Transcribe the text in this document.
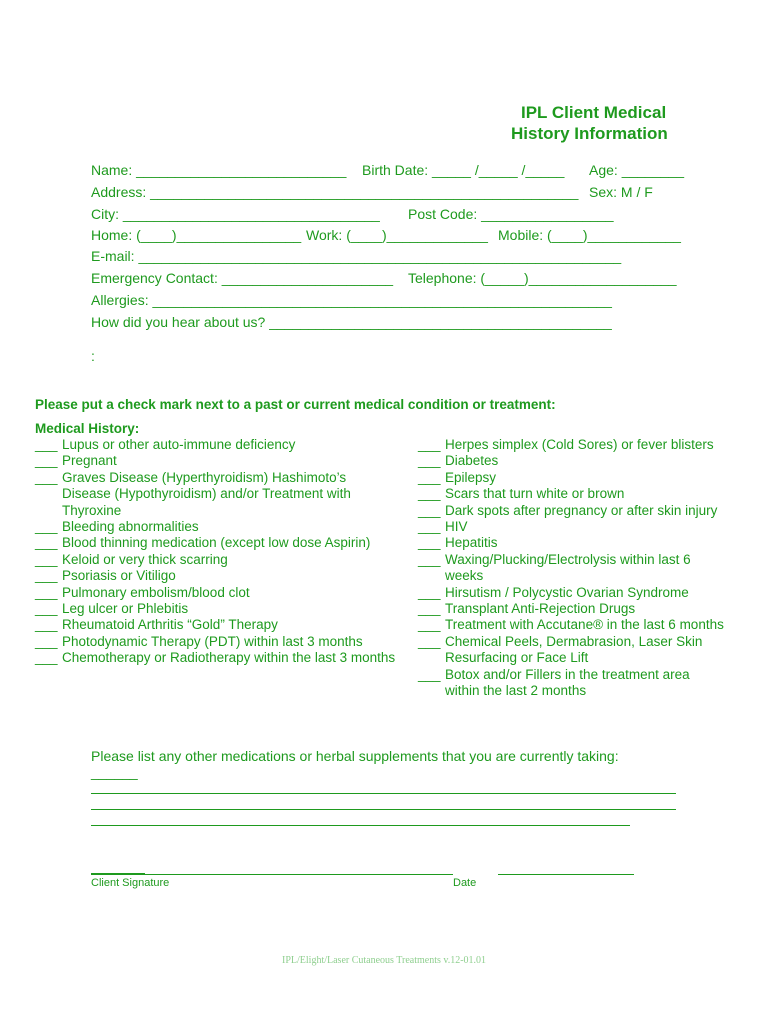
IPL Client Medical
History Information
Name: ___________________________ Birth Date: _____ /_____ /_____ Age: ________
Address: _______________________________________________________ Sex: M / F
City: _________________________________ Post Code: _________________
Home: (____)________________ Work: (____)_____________ Mobile: (____)____________
E-mail: ______________________________________________________________
Emergency Contact: ______________________ Telephone: (_____)___________________
Allergies: ___________________________________________________________
How did you hear about us? ____________________________________________
:
Please put a check mark next to a past or current medical condition or treatment:
Medical History:
___ Lupus or other auto-immune deficiency
___ Pregnant
___ Graves Disease (Hyperthyroidism) Hashimoto’s
Disease (Hypothyroidism) and/or Treatment with
Thyroxine
___ Bleeding abnormalities
___ Blood thinning medication (except low dose Aspirin)
___ Keloid or very thick scarring
___ Psoriasis or Vitiligo
___ Pulmonary embolism/blood clot
___ Leg ulcer or Phlebitis
___ Rheumatoid Arthritis “Gold” Therapy
___ Photodynamic Therapy (PDT) within last 3 months
___ Chemotherapy or Radiotherapy within the last 3 months
___ Herpes simplex (Cold Sores) or fever blisters
___ Diabetes
___ Epilepsy
___ Scars that turn white or brown
___ Dark spots after pregnancy or after skin injury
___ HIV
___ Hepatitis
___ Waxing/Plucking/Electrolysis within last 6
weeks
___ Hirsutism / Polycystic Ovarian Syndrome
___ Transplant Anti-Rejection Drugs
___ Treatment with Accutane® in the last 6 months
___ Chemical Peels, Dermabrasion, Laser Skin
Resurfacing or Face Lift
___ Botox and/or Fillers in the treatment area
within the last 2 months
Please list any other medications or herbal supplements that you are currently taking:
______
Client Signature	Date
IPL/Elight/Laser Cutaneous Treatments v.12-01.01
